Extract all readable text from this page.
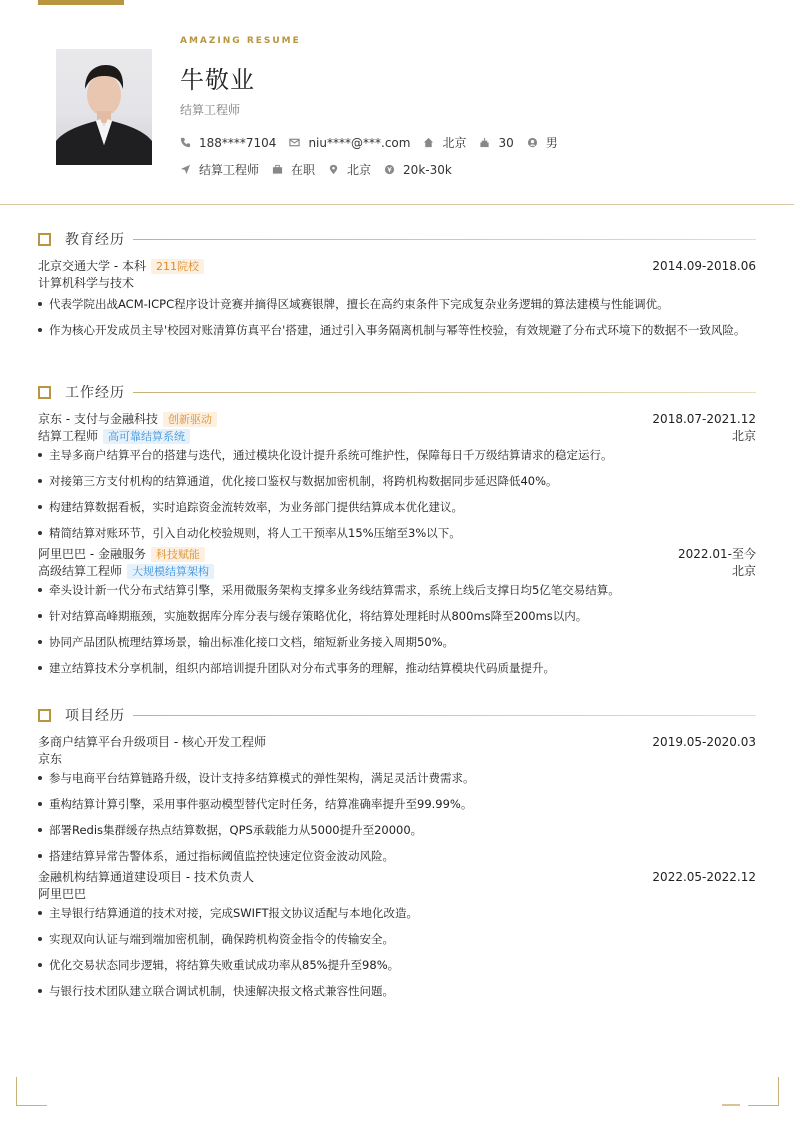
AMAZING RESUME
牛敬业
结算工程师
188****7104	niu****@***.com	北京	30	男
结算工程师	在职	北京	20k-30k
教育经历
北京交通大学 - 本科 211院校	2014.09-2018.06
计算机科学与技术
代表学院出战ACM-ICPC程序设计竞赛并摘得区域赛银牌，擅长在高约束条件下完成复杂业务逻辑的算法建模与性能调优。
作为核心开发成员主导'校园对账清算仿真平台'搭建，通过引入事务隔离机制与幂等性校验，有效规避了分布式环境下的数据不一致风险。
工作经历
京东 - 支付与金融科技 创新驱动	2018.07-2021.12
结算工程师 高可靠结算系统	北京
主导多商户结算平台的搭建与迭代，通过模块化设计提升系统可维护性，保障每日千万级结算请求的稳定运行。
对接第三方支付机构的结算通道，优化接口鉴权与数据加密机制，将跨机构数据同步延迟降低40%。
构建结算数据看板，实时追踪资金流转效率，为业务部门提供结算成本优化建议。
精简结算对账环节，引入自动化校验规则，将人工干预率从15%压缩至3%以下。
阿里巴巴 - 金融服务 科技赋能	2022.01-至今
高级结算工程师 大规模结算架构	北京
牵头设计新一代分布式结算引擎，采用微服务架构支撑多业务线结算需求，系统上线后支撑日均5亿笔交易结算。
针对结算高峰期瓶颈，实施数据库分库分表与缓存策略优化，将结算处理耗时从800ms降至200ms以内。
协同产品团队梳理结算场景，输出标准化接口文档，缩短新业务接入周期50%。
建立结算技术分享机制，组织内部培训提升团队对分布式事务的理解，推动结算模块代码质量提升。
项目经历
多商户结算平台升级项目 - 核心开发工程师	2019.05-2020.03
京东
参与电商平台结算链路升级，设计支持多结算模式的弹性架构，满足灵活计费需求。
重构结算计算引擎，采用事件驱动模型替代定时任务，结算准确率提升至99.99%。
部署Redis集群缓存热点结算数据，QPS承载能力从5000提升至20000。
搭建结算异常告警体系，通过指标阈值监控快速定位资金波动风险。
金融机构结算通道建设项目 - 技术负责人	2022.05-2022.12
阿里巴巴
主导银行结算通道的技术对接，完成SWIFT报文协议适配与本地化改造。
实现双向认证与端到端加密机制，确保跨机构资金指令的传输安全。
优化交易状态同步逻辑，将结算失败重试成功率从85%提升至98%。
与银行技术团队建立联合调试机制，快速解决报文格式兼容性问题。
